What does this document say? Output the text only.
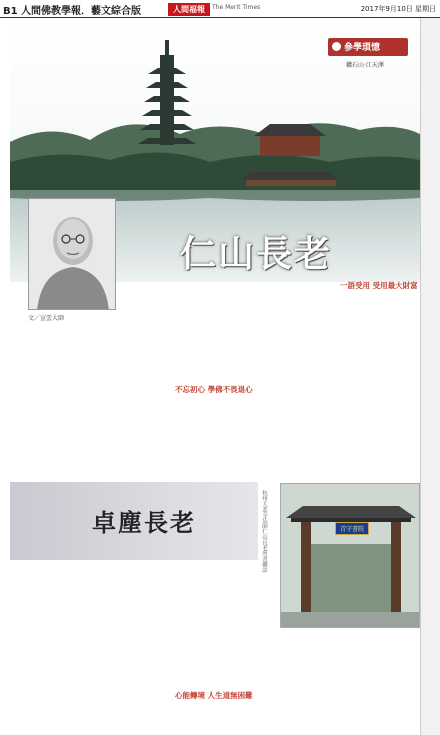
B1 人間佛教學報．藝文綜合版	人間福報	The Merit Times	2017年9月10日 星期日
參學瑣憶
鑽石山·江天澤
文／宣雲大師
仁山長老
一語受用 受用最大財富
不忘初心 學佛不畏退心
心能轉境 人生道無困難
卓塵長老	青守書院
杭州大悲寺法師仁山長老所書聯語
